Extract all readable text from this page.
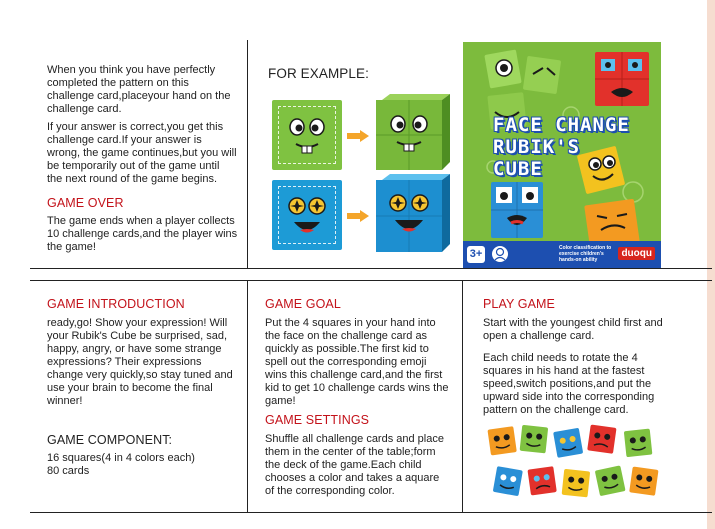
When you think you have perfectly completed the pattern on this challenge card,placeyour hand on the challenge card.
If your answer is correct,you get this challenge card.If your answer is wrong, the game continues,but you will be temporarily out of the game until the next round of the game begins.
GAME OVER
The game ends when a player collects 10 challenge cards,and the player wins the game!
FOR EXAMPLE:
FACE CHANGE
RUBIK'S
CUBE
3+	Color classification to exercise children's hands-on ability
duoqu
GAME INTRODUCTION
ready,go! Show your expression! Will your Rubik's Cube be surprised, sad, happy, angry, or have some strange expressions? Their expressions change very quickly,so stay tuned and use your brain to become the final winner!
GAME COMPONENT:
16 squares(4 in 4 colors each)
80 cards
GAME GOAL
Put the 4 squares in your hand into the face on the challenge card as quickly as possible.The first kid to spell out the corresponding emoji wins this challenge card,and the first kid to get 10 challenge cards wins the game!
GAME SETTINGS
Shuffle all challenge cards and place them in the center of the table;form the deck of the game.Each child chooses a color and takes a aquare of the corresponding color.
PLAY GAME
Start with the youngest child first and open a challenge card.
Each child needs to rotate the 4 squares in his hand at the fastest speed,switch positions,and put the upward side into the corresponding pattern on the challenge card.
